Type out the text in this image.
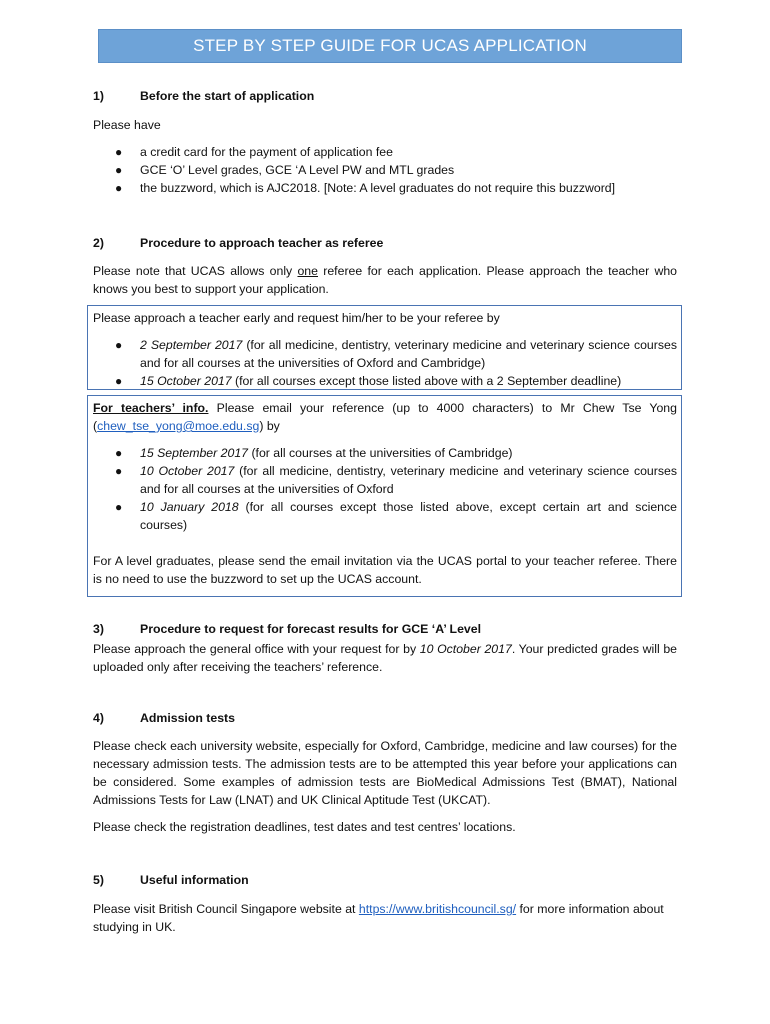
STEP BY STEP GUIDE FOR UCAS APPLICATION
1)	Before the start of application
Please have
● a credit card for the payment of application fee
● GCE ‘O’ Level grades, GCE ‘A Level PW and MTL grades
● the buzzword, which is AJC2018. [Note: A level graduates do not require this buzzword]
2)	Procedure to approach teacher as referee
Please note that UCAS allows only one referee for each application. Please approach the teacher who knows you best to support your application.
Please approach a teacher early and request him/her to be your referee by
● 2 September 2017 (for all medicine, dentistry, veterinary medicine and veterinary science courses and for all courses at the universities of Oxford and Cambridge)
● 15 October 2017 (for all courses except those listed above with a 2 September deadline)
For teachers’ info. Please email your reference (up to 4000 characters) to Mr Chew Tse Yong (chew_tse_yong@moe.edu.sg) by
● 15 September 2017 (for all courses at the universities of Cambridge)
● 10 October 2017 (for all medicine, dentistry, veterinary medicine and veterinary science courses and for all courses at the universities of Oxford
● 10 January 2018 (for all courses except those listed above, except certain art and science courses)
For A level graduates, please send the email invitation via the UCAS portal to your teacher referee. There is no need to use the buzzword to set up the UCAS account.
3)	Procedure to request for forecast results for GCE ‘A’ Level
Please approach the general office with your request for by 10 October 2017. Your predicted grades will be uploaded only after receiving the teachers’ reference.
4)	Admission tests
Please check each university website, especially for Oxford, Cambridge, medicine and law courses) for the necessary admission tests. The admission tests are to be attempted this year before your applications can be considered. Some examples of admission tests are BioMedical Admissions Test (BMAT), National Admissions Tests for Law (LNAT) and UK Clinical Aptitude Test (UKCAT).
Please check the registration deadlines, test dates and test centres’ locations.
5)	Useful information
Please visit British Council Singapore website at https://www.britishcouncil.sg/ for more information about studying in UK.
